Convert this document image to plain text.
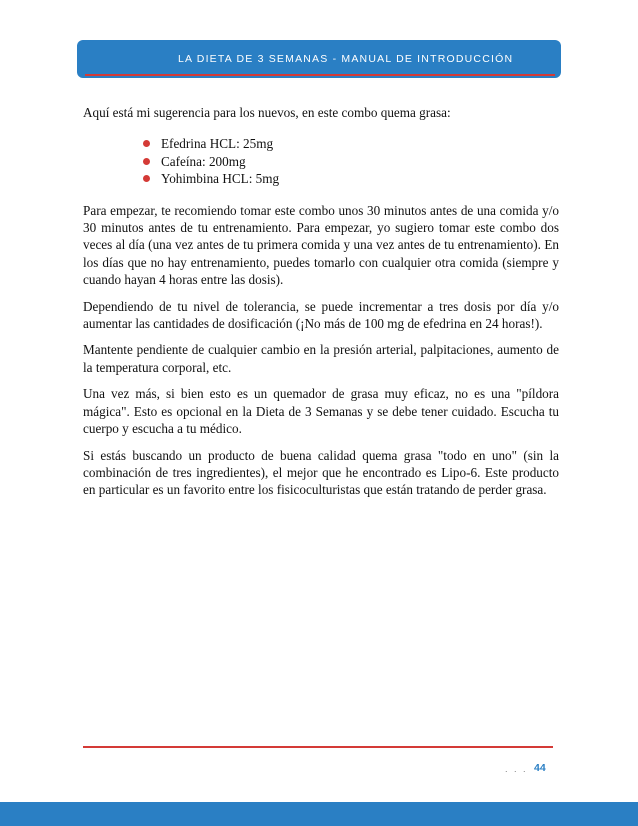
LA DIETA DE 3 SEMANAS - MANUAL DE INTRODUCCIÓN

Aquí está mi sugerencia para los nuevos, en este combo quema grasa:

Efedrina HCL: 25mg
Cafeína: 200mg
Yohimbina HCL: 5mg

Para empezar, te recomiendo tomar este combo unos 30 minutos antes de una comida y/o 30 minutos antes de tu entrenamiento. Para empezar, yo sugiero tomar este combo dos veces al día (una vez antes de tu primera comida y una vez antes de tu entrenamiento). En los días que no hay entrenamiento, puedes tomarlo con cualquier otra comida (siempre y cuando hayan 4 horas entre las dosis).

Dependiendo de tu nivel de tolerancia, se puede incrementar a tres dosis por día y/o aumentar las cantidades de dosificación (¡No más de 100 mg de efedrina en 24 horas!).

Mantente pendiente de cualquier cambio en la presión arterial, palpitaciones, aumento de la temperatura corporal, etc.

Una vez más, si bien esto es un quemador de grasa muy eficaz, no es una "píldora mágica". Esto es opcional en la Dieta de 3 Semanas y se debe tener cuidado. Escucha tu cuerpo y escucha a tu médico.

Si estás buscando un producto de buena calidad quema grasa "todo en uno" (sin la combinación de tres ingredientes), el mejor que he encontrado es Lipo-6. Este producto en particular es un favorito entre los fisicoculturistas que están tratando de perder grasa.

. . . 44
